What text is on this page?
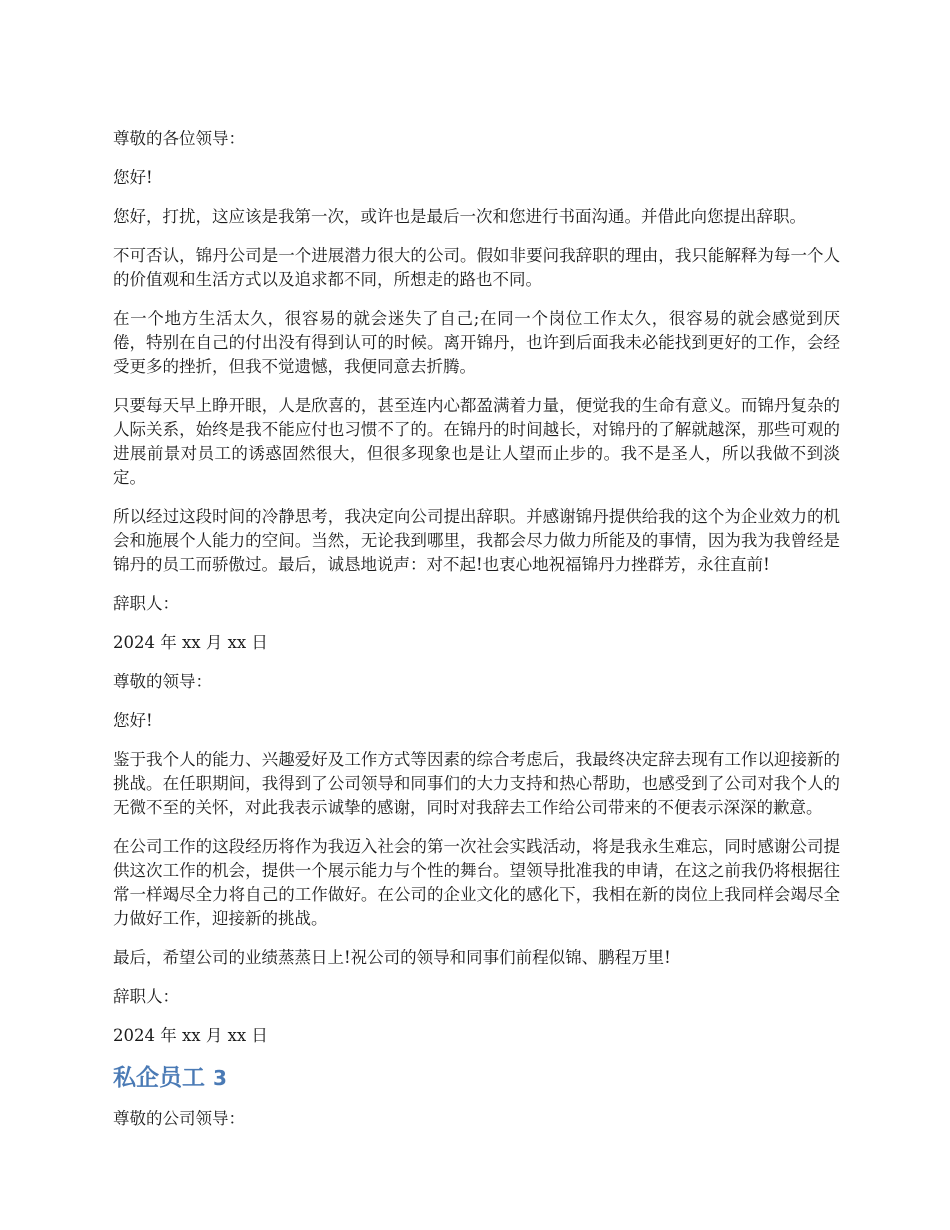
尊敬的各位领导：

您好!

您好，打扰，这应该是我第一次，或许也是最后一次和您进行书面沟通。并借此向您提出辞职。

不可否认，锦丹公司是一个进展潜力很大的公司。假如非要问我辞职的理由，我只能解释为每一个人的价值观和生活方式以及追求都不同，所想走的路也不同。

在一个地方生活太久，很容易的就会迷失了自己;在同一个岗位工作太久，很容易的就会感觉到厌倦，特别在自己的付出没有得到认可的时候。离开锦丹，也许到后面我未必能找到更好的工作，会经受更多的挫折，但我不觉遗憾，我便同意去折腾。

只要每天早上睁开眼，人是欣喜的，甚至连内心都盈满着力量，便觉我的生命有意义。而锦丹复杂的人际关系，始终是我不能应付也习惯不了的。在锦丹的时间越长，对锦丹的了解就越深，那些可观的进展前景对员工的诱惑固然很大，但很多现象也是让人望而止步的。我不是圣人，所以我做不到淡定。

所以经过这段时间的冷静思考，我决定向公司提出辞职。并感谢锦丹提供给我的这个为企业效力的机会和施展个人能力的空间。当然，无论我到哪里，我都会尽力做力所能及的事情，因为我为我曾经是锦丹的员工而骄傲过。最后，诚恳地说声：对不起!也衷心地祝福锦丹力挫群芳，永往直前!

辞职人：

2024 年 xx 月 xx 日

尊敬的领导：

您好!

鉴于我个人的能力、兴趣爱好及工作方式等因素的综合考虑后，我最终决定辞去现有工作以迎接新的挑战。在任职期间，我得到了公司领导和同事们的大力支持和热心帮助，也感受到了公司对我个人的无微不至的关怀，对此我表示诚挚的感谢，同时对我辞去工作给公司带来的不便表示深深的歉意。

在公司工作的这段经历将作为我迈入社会的第一次社会实践活动，将是我永生难忘，同时感谢公司提供这次工作的机会，提供一个展示能力与个性的舞台。望领导批准我的申请，在这之前我仍将根据往常一样竭尽全力将自己的工作做好。在公司的企业文化的感化下，我相在新的岗位上我同样会竭尽全力做好工作，迎接新的挑战。

最后，希望公司的业绩蒸蒸日上!祝公司的领导和同事们前程似锦、鹏程万里!

辞职人：

2024 年 xx 月 xx 日

私企员工 3

尊敬的公司领导：
